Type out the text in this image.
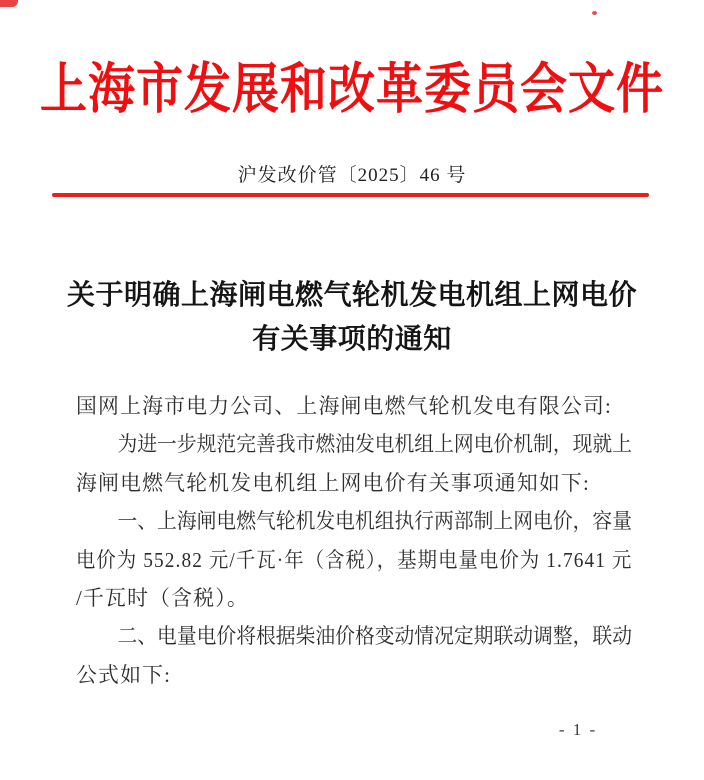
上海市发展和改革委员会文件
沪发改价管〔2025〕46 号
关于明确上海闸电燃气轮机发电机组上网电价
有关事项的通知
国网上海市电力公司、上海闸电燃气轮机发电有限公司:
为进一步规范完善我市燃油发电机组上网电价机制，现就上
海闸电燃气轮机发电机组上网电价有关事项通知如下:
一、上海闸电燃气轮机发电机组执行两部制上网电价，容量
电价为 552.82 元/千瓦·年（含税），基期电量电价为 1.7641 元
/千瓦时（含税）。
二、电量电价将根据柴油价格变动情况定期联动调整，联动
公式如下:
- 1 -
